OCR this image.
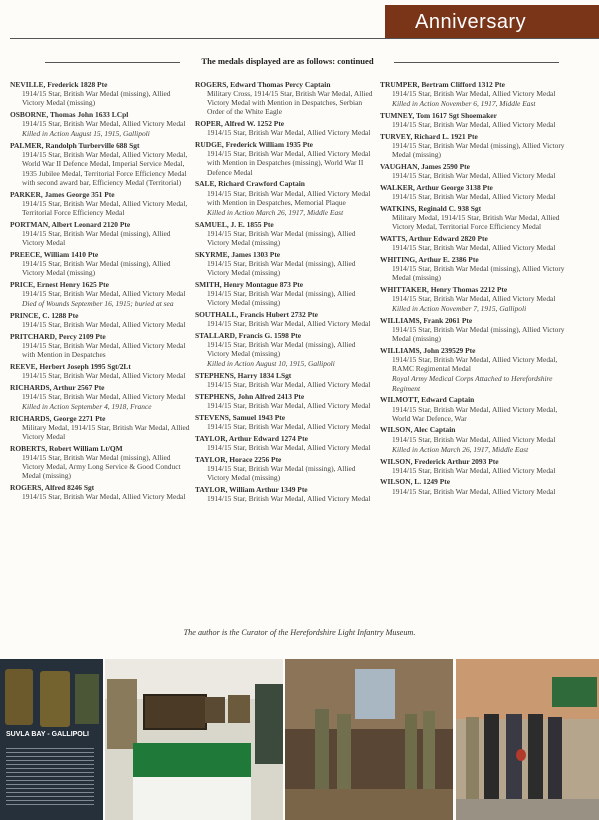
Anniversary
The medals displayed are as follows: continued
NEVILLE, Frederick 1828 Pte
1914/15 Star, British War Medal (missing), Allied Victory Medal (missing)
OSBORNE, Thomas John 1633 LCpl
1914/15 Star, British War Medal, Allied Victory Medal
Killed in Action August 15, 1915, Gallipoli
PALMER, Randolph Turberville 688 Sgt
1914/15 Star, British War Medal, Allied Victory Medal, World War II Defence Medal, Imperial Service Medal, 1935 Jubilee Medal, Territorial Force Efficiency Medal with second award bar, Efficiency Medal (Territorial)
PARKER, James George 351 Pte
1914/15 Star, British War Medal, Allied Victory Medal, Territorial Force Efficiency Medal
PORTMAN, Albert Leonard 2120 Pte
1914/15 Star, British War Medal (missing), Allied Victory Medal
PREECE, William 1410 Pte
1914/15 Star, British War Medal (missing), Allied Victory Medal (missing)
PRICE, Ernest Henry 1625 Pte
1914/15 Star, British War Medal, Allied Victory Medal
Died of Wounds September 16, 1915; buried at sea
PRINCE, C. 1288 Pte
1914/15 Star, British War Medal, Allied Victory Medal
PRITCHARD, Percy 2109 Pte
1914/15 Star, British War Medal, Allied Victory Medal with Mention in Despatches
REEVE, Herbert Joseph 1995 Sgt/2Lt
1914/15 Star, British War Medal, Allied Victory Medal
RICHARDS, Arthur 2567 Pte
1914/15 Star, British War Medal, Allied Victory Medal
Killed in Action September 4, 1918, France
RICHARDS, George 2271 Pte
Military Medal, 1914/15 Star, British War Medal, Allied Victory Medal
ROBERTS, Robert William Lt/QM
1914/15 Star, British War Medal (missing), Allied Victory Medal, Army Long Service & Good Conduct Medal (missing)
ROGERS, Alfred 8246 Sgt
1914/15 Star, British War Medal, Allied Victory Medal
ROGERS, Edward Thomas Percy Captain
Military Cross, 1914/15 Star, British War Medal, Allied Victory Medal with Mention in Despatches, Serbian Order of the White Eagle
ROPER, Alfred W. 1252 Pte
1914/15 Star, British War Medal, Allied Victory Medal
RUDGE, Frederick William 1935 Pte
1914/15 Star, British War Medal, Allied Victory Medal with Mention in Despatches (missing), World War II Defence Medal
SALE, Richard Crawford Captain
1914/15 Star, British War Medal, Allied Victory Medal with Mention in Despatches, Memorial Plaque
Killed in Action March 26, 1917, Middle East
SAMUEL, J. E. 1855 Pte
1914/15 Star, British War Medal (missing), Allied Victory Medal (missing)
SKYRME, James 1303 Pte
1914/15 Star, British War Medal (missing), Allied Victory Medal (missing)
SMITH, Henry Montague 873 Pte
1914/15 Star, British War Medal (missing), Allied Victory Medal (missing)
SOUTHALL, Francis Hubert 2732 Pte
1914/15 Star, British War Medal, Allied Victory Medal
STALLARD, Francis G. 1598 Pte
1914/15 Star, British War Medal (missing), Allied Victory Medal (missing)
Killed in Action August 10, 1915, Gallipoli
STEPHENS, Harry 1834 LSgt
1914/15 Star, British War Medal, Allied Victory Medal
STEPHENS, John Alfred 2413 Pte
1914/15 Star, British War Medal, Allied Victory Medal
STEVENS, Samuel 1943 Pte
1914/15 Star, British War Medal, Allied Victory Medal
TAYLOR, Arthur Edward 1274 Pte
1914/15 Star, British War Medal, Allied Victory Medal
TAYLOR, Horace 2256 Pte
1914/15 Star, British War Medal (missing), Allied Victory Medal (missing)
TAYLOR, William Arthur 1349 Pte
1914/15 Star, British War Medal, Allied Victory Medal
TRUMPER, Bertram Clifford 1312 Pte
1914/15 Star, British War Medal, Allied Victory Medal
Killed in Action November 6, 1917, Middle East
TUMNEY, Tom 1617 Sgt Shoemaker
1914/15 Star, British War Medal, Allied Victory Medal
TURVEY, Richard L. 1921 Pte
1914/15 Star, British War Medal (missing), Allied Victory Medal (missing)
VAUGHAN, James 2590 Pte
1914/15 Star, British War Medal, Allied Victory Medal
WALKER, Arthur George 3138 Pte
1914/15 Star, British War Medal, Allied Victory Medal
WATKINS, Reginald C. 938 Sgt
Military Medal, 1914/15 Star, British War Medal, Allied Victory Medal, Territorial Force Efficiency Medal
WATTS, Arthur Edward 2820 Pte
1914/15 Star, British War Medal, Allied Victory Medal
WHITING, Arthur E. 2386 Pte
1914/15 Star, British War Medal (missing), Allied Victory Medal (missing)
WHITTAKER, Henry Thomas 2212 Pte
1914/15 Star, British War Medal, Allied Victory Medal
Killed in Action November 7, 1915, Gallipoli
WILLIAMS, Frank 2061 Pte
1914/15 Star, British War Medal (missing), Allied Victory Medal (missing)
WILLIAMS, John 239529 Pte
1914/15 Star, British War Medal, Allied Victory Medal, RAMC Regimental Medal
Royal Army Medical Corps Attached to Herefordshire Regiment
WILMOTT, Edward Captain
1914/15 Star, British War Medal, Allied Victory Medal, World War Defence, War
WILSON, Alec Captain
1914/15 Star, British War Medal, Allied Victory Medal
Killed in Action March 26, 1917, Middle East
WILSON, Frederick Arthur 2093 Pte
1914/15 Star, British War Medal, Allied Victory Medal
WILSON, L. 1249 Pte
1914/15 Star, British War Medal, Allied Victory Medal
The author is the Curator of the Herefordshire Light Infantry Museum.
SUVLA BAY - GALLIPOLI
